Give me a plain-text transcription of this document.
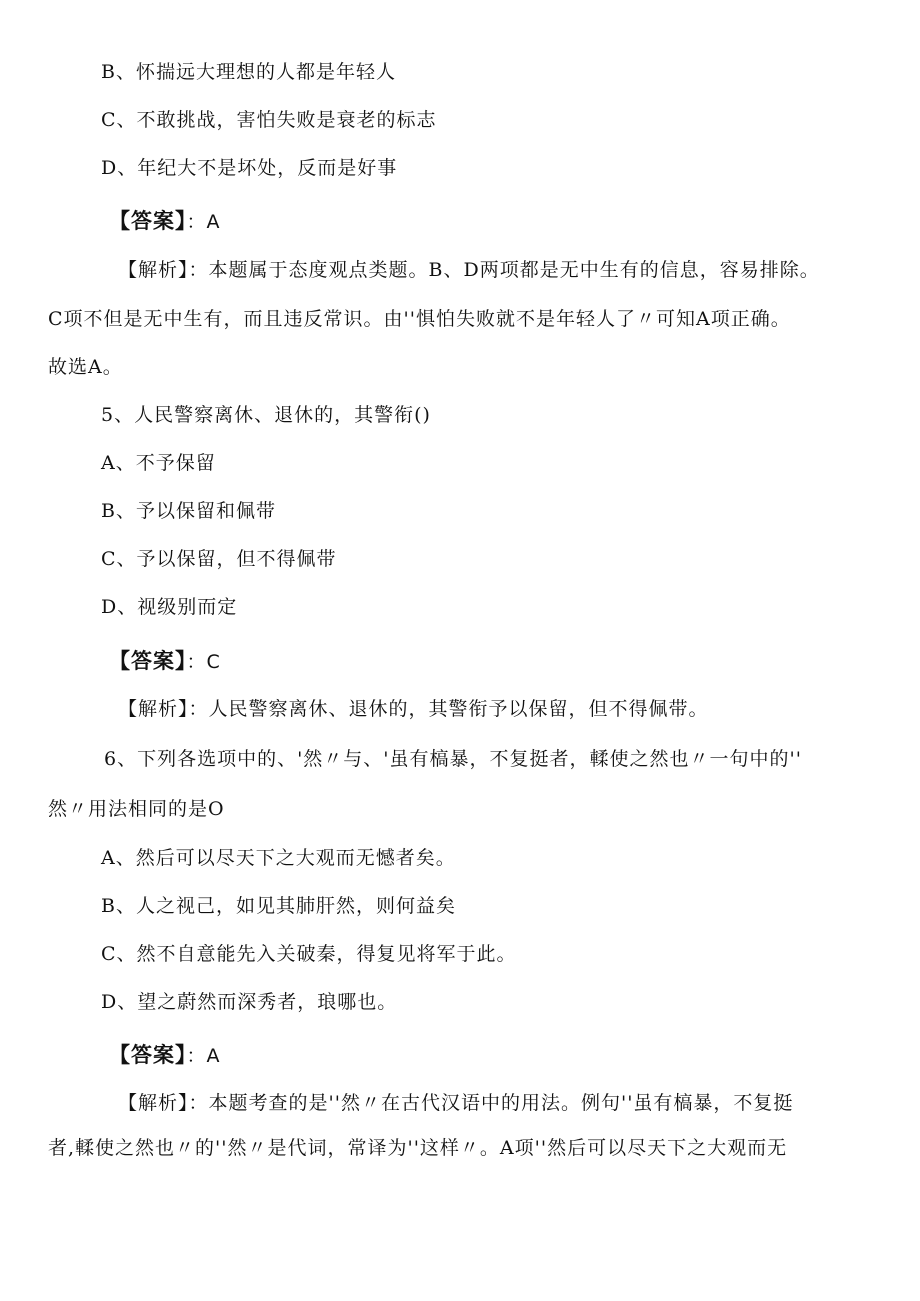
B、怀揣远大理想的人都是年轻人
C、不敢挑战，害怕失败是衰老的标志
D、年纪大不是坏处，反而是好事
【答案】：A
【解析】：本题属于态度观点类题。B、D两项都是无中生有的信息，容易排除。
C项不但是无中生有，而且违反常识。由''惧怕失败就不是年轻人了〃可知A项正确。
故选A。
5、人民警察离休、退休的，其警衔()
A、不予保留
B、予以保留和佩带
C、予以保留，但不得佩带
D、视级别而定
【答案】：C
【解析】：人民警察离休、退休的，其警衔予以保留，但不得佩带。
6、下列各选项中的、'然〃与、'虽有槁暴，不复挺者，輮使之然也〃一句中的''
然〃用法相同的是O
A、然后可以尽天下之大观而无憾者矣。
B、人之视己，如见其肺肝然，则何益矣
C、然不自意能先入关破秦，得复见将军于此。
D、望之蔚然而深秀者，琅哪也。
【答案】：A
【解析】：本题考查的是''然〃在古代汉语中的用法。例句''虽有槁暴，不复挺
者,輮使之然也〃的''然〃是代词，常译为''这样〃。A项''然后可以尽天下之大观而无
